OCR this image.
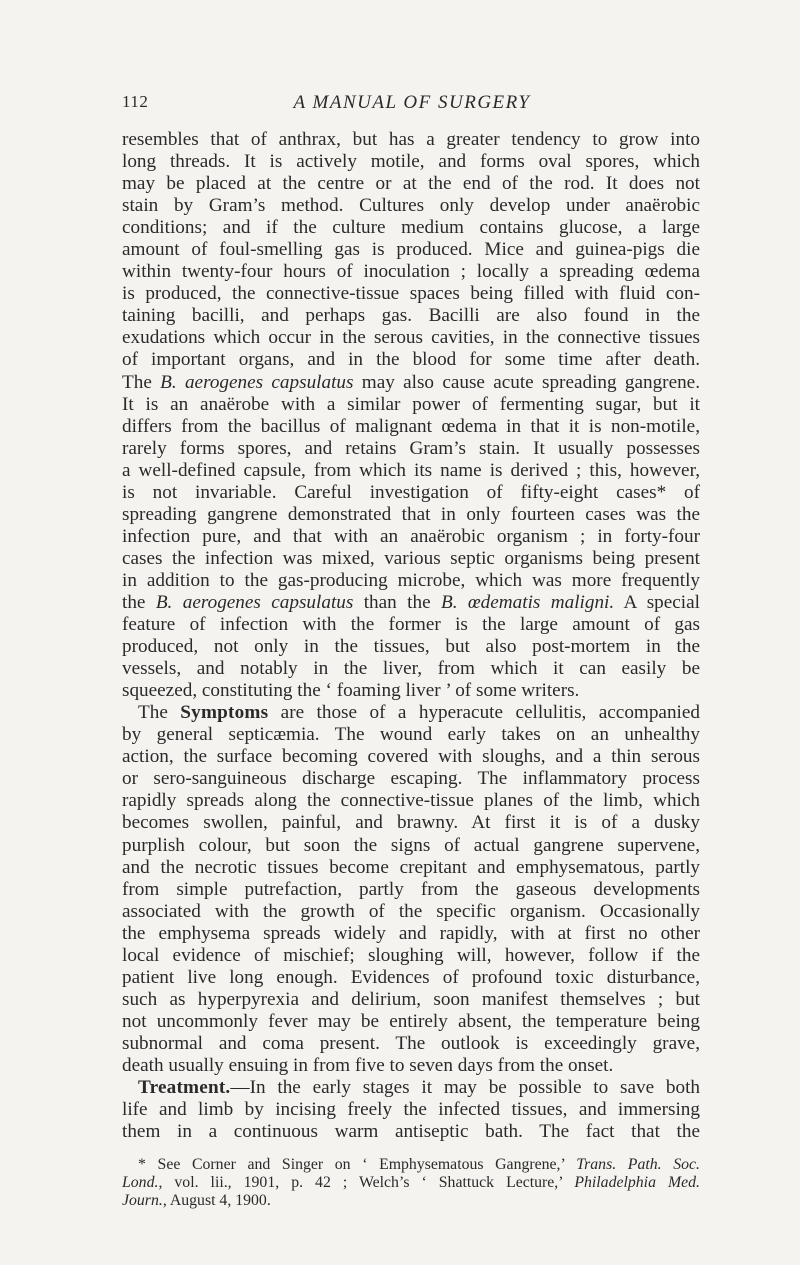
112	A MANUAL OF SURGERY
resembles that of anthrax, but has a greater tendency to grow into
long threads. It is actively motile, and forms oval spores, which
may be placed at the centre or at the end of the rod. It does not
stain by Gram’s method. Cultures only develop under anaërobic
conditions; and if the culture medium contains glucose, a large
amount of foul-smelling gas is produced. Mice and guinea-pigs die
within twenty-four hours of inoculation ; locally a spreading œdema
is produced, the connective-tissue spaces being filled with fluid con-
taining bacilli, and perhaps gas. Bacilli are also found in the
exudations which occur in the serous cavities, in the connective tissues
of important organs, and in the blood for some time after death.
The B. aerogenes capsulatus may also cause acute spreading gangrene.
It is an anaërobe with a similar power of fermenting sugar, but it
differs from the bacillus of malignant œdema in that it is non-motile,
rarely forms spores, and retains Gram’s stain. It usually possesses
a well-defined capsule, from which its name is derived ; this, however,
is not invariable. Careful investigation of fifty-eight cases* of
spreading gangrene demonstrated that in only fourteen cases was the
infection pure, and that with an anaërobic organism ; in forty-four
cases the infection was mixed, various septic organisms being present
in addition to the gas-producing microbe, which was more frequently
the B. aerogenes capsulatus than the B. œdematis maligni. A special
feature of infection with the former is the large amount of gas
produced, not only in the tissues, but also post-mortem in the
vessels, and notably in the liver, from which it can easily be
squeezed, constituting the ‘ foaming liver ’ of some writers.
The Symptoms are those of a hyperacute cellulitis, accompanied
by general septicæmia. The wound early takes on an unhealthy
action, the surface becoming covered with sloughs, and a thin serous
or sero-sanguineous discharge escaping. The inflammatory process
rapidly spreads along the connective-tissue planes of the limb, which
becomes swollen, painful, and brawny. At first it is of a dusky
purplish colour, but soon the signs of actual gangrene supervene,
and the necrotic tissues become crepitant and emphysematous, partly
from simple putrefaction, partly from the gaseous developments
associated with the growth of the specific organism. Occasionally
the emphysema spreads widely and rapidly, with at first no other
local evidence of mischief; sloughing will, however, follow if the
patient live long enough. Evidences of profound toxic disturbance,
such as hyperpyrexia and delirium, soon manifest themselves ; but
not uncommonly fever may be entirely absent, the temperature being
subnormal and coma present. The outlook is exceedingly grave,
death usually ensuing in from five to seven days from the onset.
Treatment.—In the early stages it may be possible to save both
life and limb by incising freely the infected tissues, and immersing
them in a continuous warm antiseptic bath. The fact that the
* See Corner and Singer on ‘ Emphysematous Gangrene,’ Trans. Path. Soc.
Lond., vol. lii., 1901, p. 42 ; Welch’s ‘ Shattuck Lecture,’ Philadelphia Med.
Journ., August 4, 1900.
